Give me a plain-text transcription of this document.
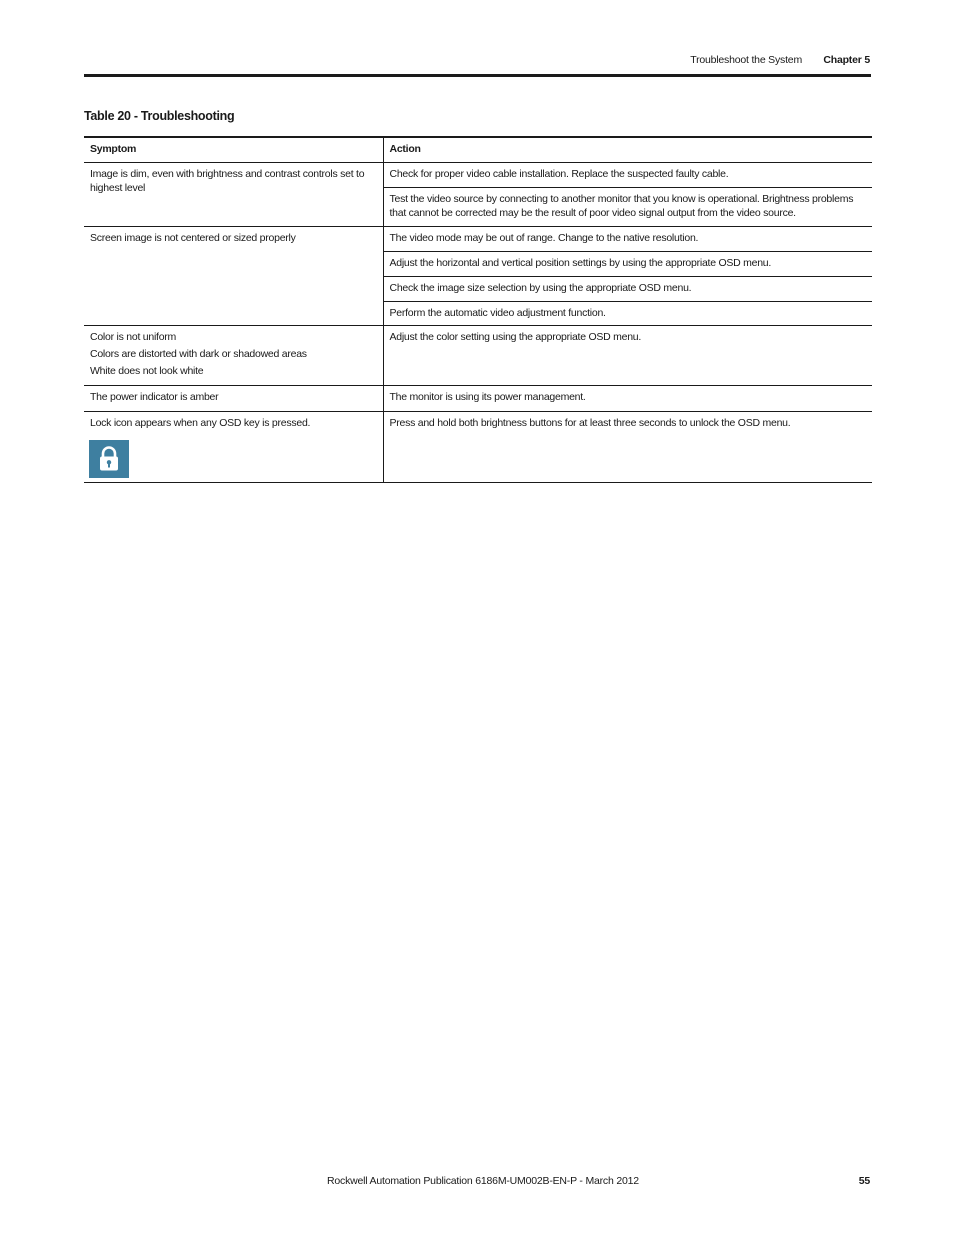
Troubleshoot the System Chapter 5
Table 20 - Troubleshooting
Symptom	Action

Image is dim, even with brightness and contrast controls set to highest level	Check for proper video cable installation. Replace the suspected faulty cable.
	Test the video source by connecting to another monitor that you know is operational. Brightness problems that cannot be corrected may be the result of poor video signal output from the video source.

Screen image is not centered or sized properly	The video mode may be out of range. Change to the native resolution.
	Adjust the horizontal and vertical position settings by using the appropriate OSD menu.
	Check the image size selection by using the appropriate OSD menu.
	Perform the automatic video adjustment function.

Color is not uniform
Colors are distorted with dark or shadowed areas
White does not look white	Adjust the color setting using the appropriate OSD menu.

The power indicator is amber	The monitor is using its power management.

Lock icon appears when any OSD key is pressed.	Press and hold both brightness buttons for at least three seconds to unlock the OSD menu.
Rockwell Automation Publication 6186M-UM002B-EN-P - March 2012	55
